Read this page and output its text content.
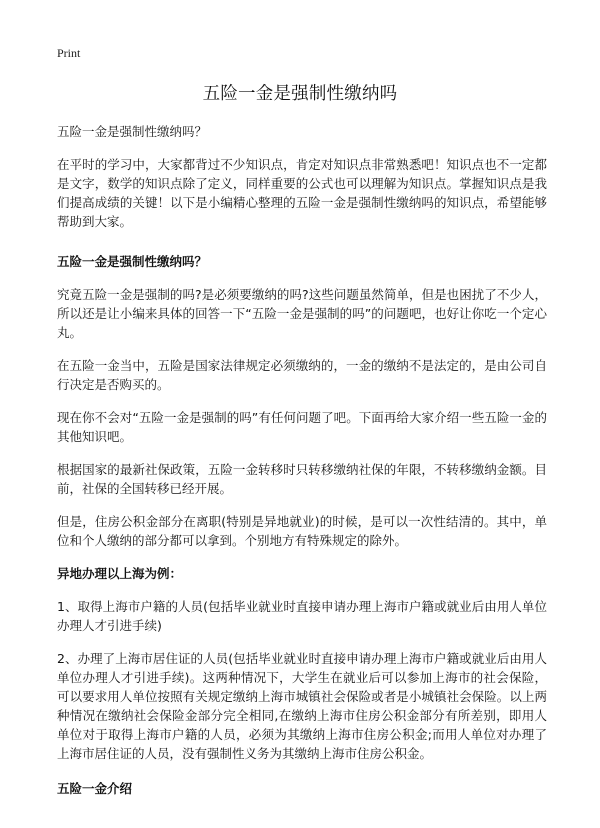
Print
五险一金是强制性缴纳吗

五险一金是强制性缴纳吗？

在平时的学习中，大家都背过不少知识点，肯定对知识点非常熟悉吧！知识点也不一定都是文字，数学的知识点除了定义，同样重要的公式也可以理解为知识点。掌握知识点是我们提高成绩的关键！以下是小编精心整理的五险一金是强制性缴纳吗的知识点，希望能够帮助到大家。

五险一金是强制性缴纳吗？

究竟五险一金是强制的吗?是必须要缴纳的吗?这些问题虽然简单，但是也困扰了不少人，所以还是让小编来具体的回答一下“五险一金是强制的吗”的问题吧，也好让你吃一个定心丸。

在五险一金当中，五险是国家法律规定必须缴纳的，一金的缴纳不是法定的，是由公司自行决定是否购买的。

现在你不会对“五险一金是强制的吗”有任何问题了吧。下面再给大家介绍一些五险一金的其他知识吧。

根据国家的最新社保政策，五险一金转移时只转移缴纳社保的年限，不转移缴纳金额。目前，社保的全国转移已经开展。

但是，住房公积金部分在离职(特别是异地就业)的时候，是可以一次性结清的。其中，单位和个人缴纳的部分都可以拿到。个别地方有特殊规定的除外。

异地办理以上海为例：

1、取得上海市户籍的人员(包括毕业就业时直接申请办理上海市户籍或就业后由用人单位办理人才引进手续)

2、办理了上海市居住证的人员(包括毕业就业时直接申请办理上海市户籍或就业后由用人单位办理人才引进手续)。这两种情况下，大学生在就业后可以参加上海市的社会保险，可以要求用人单位按照有关规定缴纳上海市城镇社会保险或者是小城镇社会保险。以上两种情况在缴纳社会保险金部分完全相同,在缴纳上海市住房公积金部分有所差别，即用人单位对于取得上海市户籍的人员，必须为其缴纳上海市住房公积金;而用人单位对办理了上海市居住证的人员，没有强制性义务为其缴纳上海市住房公积金。

五险一金介绍
